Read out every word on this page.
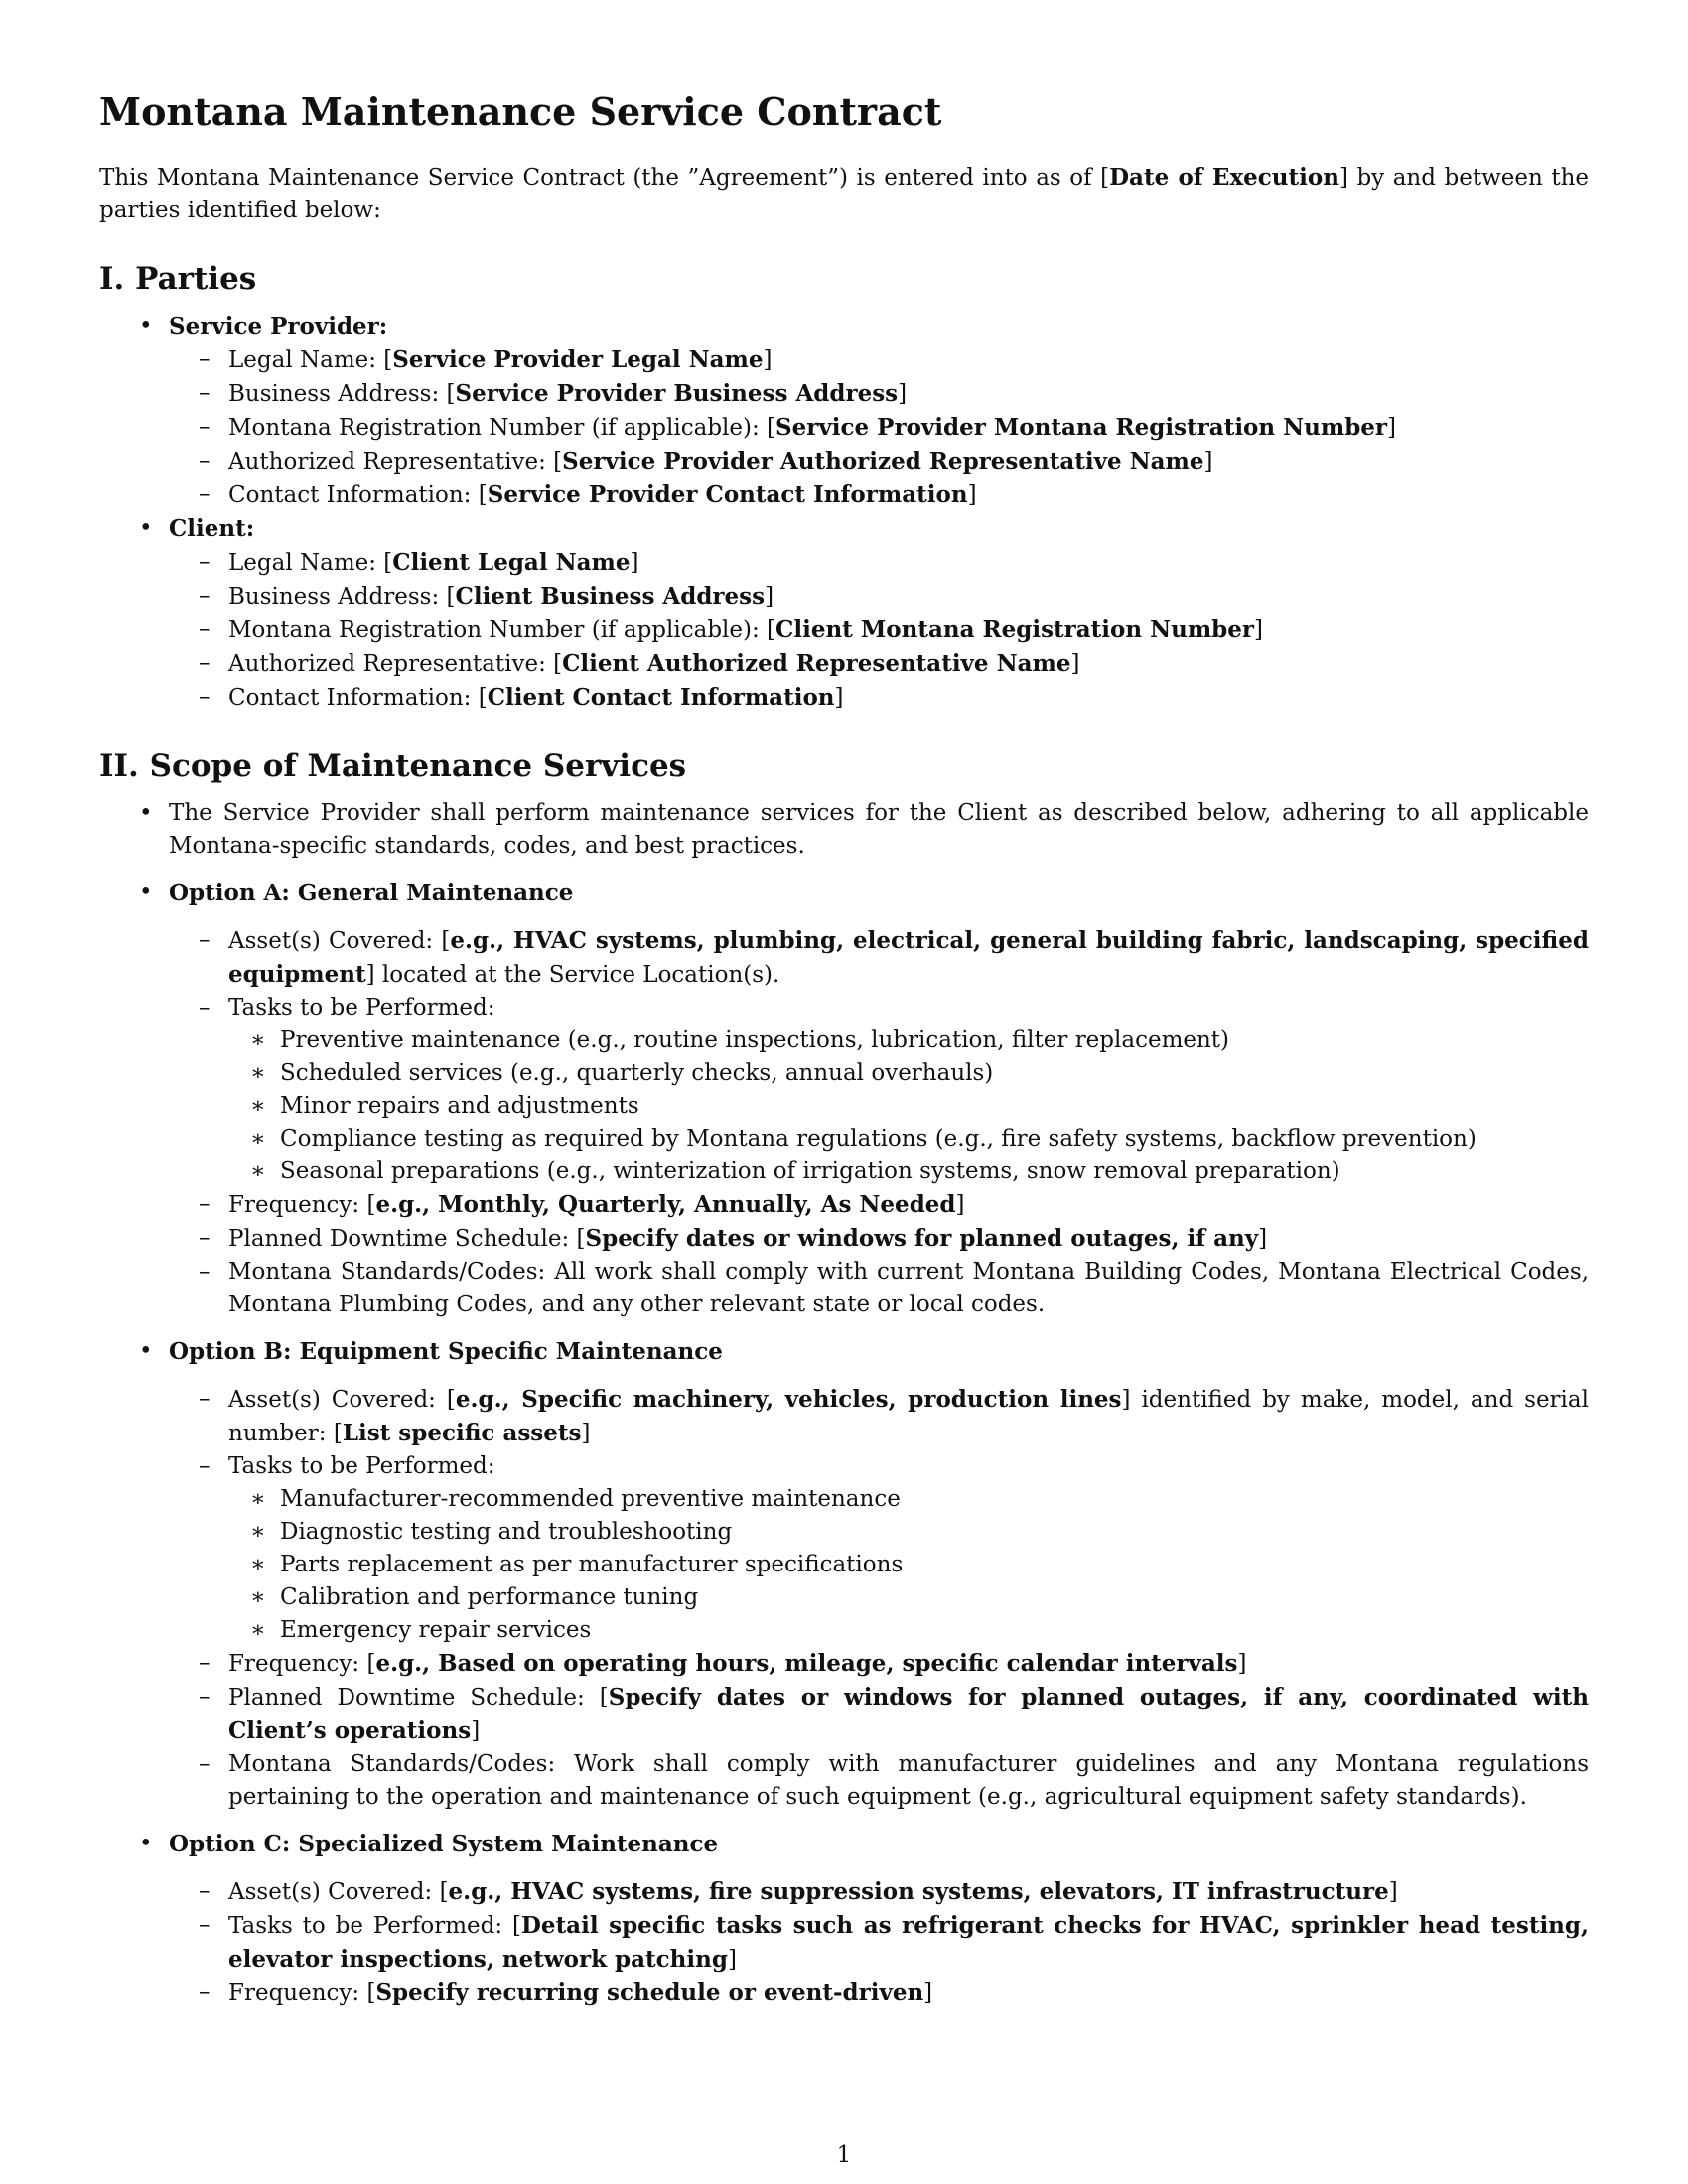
Montana Maintenance Service Contract

This Montana Maintenance Service Contract (the ”Agreement”) is entered into as of [Date of Execution] by and between the parties identified below:

I. Parties
• Service Provider:
– Legal Name: [Service Provider Legal Name]
– Business Address: [Service Provider Business Address]
– Montana Registration Number (if applicable): [Service Provider Montana Registration Number]
– Authorized Representative: [Service Provider Authorized Representative Name]
– Contact Information: [Service Provider Contact Information]
• Client:
– Legal Name: [Client Legal Name]
– Business Address: [Client Business Address]
– Montana Registration Number (if applicable): [Client Montana Registration Number]
– Authorized Representative: [Client Authorized Representative Name]
– Contact Information: [Client Contact Information]
II. Scope of Maintenance Services
• The Service Provider shall perform maintenance services for the Client as described below, adhering to all applicable Montana-specific standards, codes, and best practices.
• Option A: General Maintenance
– Asset(s) Covered: [e.g., HVAC systems, plumbing, electrical, general building fabric, landscaping, specified equipment] located at the Service Location(s).
– Tasks to be Performed:
∗ Preventive maintenance (e.g., routine inspections, lubrication, filter replacement)
∗ Scheduled services (e.g., quarterly checks, annual overhauls)
∗ Minor repairs and adjustments
∗ Compliance testing as required by Montana regulations (e.g., fire safety systems, backflow prevention)
∗ Seasonal preparations (e.g., winterization of irrigation systems, snow removal preparation)
– Frequency: [e.g., Monthly, Quarterly, Annually, As Needed]
– Planned Downtime Schedule: [Specify dates or windows for planned outages, if any]
– Montana Standards/Codes: All work shall comply with current Montana Building Codes, Montana Electrical Codes, Montana Plumbing Codes, and any other relevant state or local codes.
• Option B: Equipment Specific Maintenance
– Asset(s) Covered: [e.g., Specific machinery, vehicles, production lines] identified by make, model, and serial number: [List specific assets]
– Tasks to be Performed:
∗ Manufacturer-recommended preventive maintenance
∗ Diagnostic testing and troubleshooting
∗ Parts replacement as per manufacturer specifications
∗ Calibration and performance tuning
∗ Emergency repair services
– Frequency: [e.g., Based on operating hours, mileage, specific calendar intervals]
– Planned Downtime Schedule: [Specify dates or windows for planned outages, if any, coordinated with Client’s operations]
– Montana Standards/Codes: Work shall comply with manufacturer guidelines and any Montana regulations pertaining to the operation and maintenance of such equipment (e.g., agricultural equipment safety standards).
• Option C: Specialized System Maintenance
– Asset(s) Covered: [e.g., HVAC systems, fire suppression systems, elevators, IT infrastructure]
– Tasks to be Performed: [Detail specific tasks such as refrigerant checks for HVAC, sprinkler head testing, elevator inspections, network patching]
– Frequency: [Specify recurring schedule or event-driven]
1
